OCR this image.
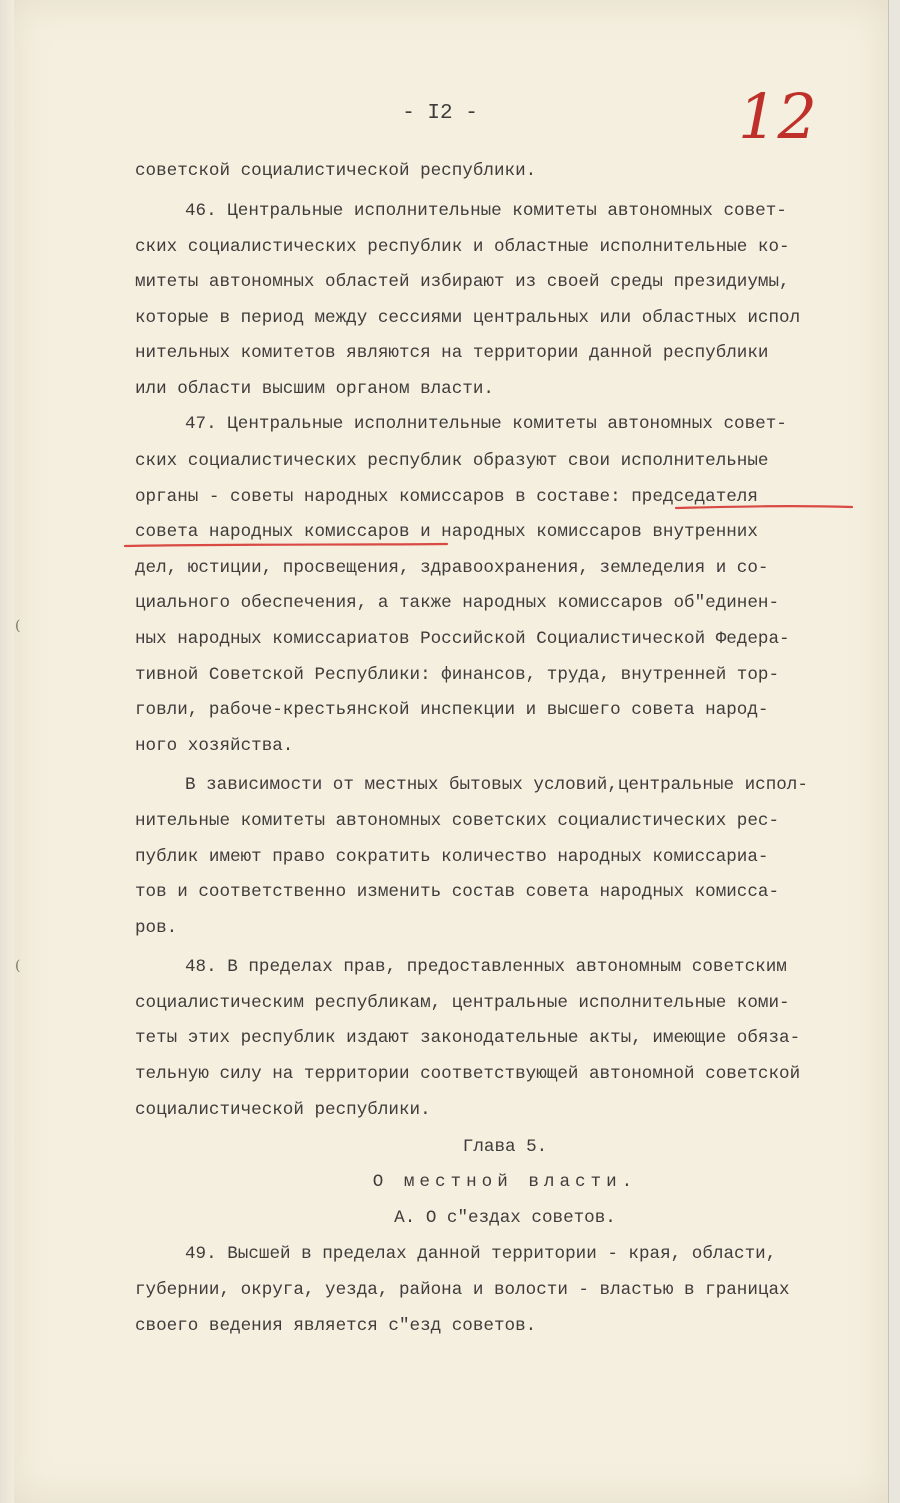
(
(
12
- I2 -
советской социалистической республики.
46. Центральные исполнительные комитеты автономных совет-
ских социалистических республик и областные исполнительные ко-
митеты автономных областей избирают из своей среды президиумы,
которые в период между сессиями центральных или областных испол
нительных комитетов являются на территории данной республики
или области высшим органом власти.
47. Центральные исполнительные комитеты автономных совет-
ских социалистических республик образуют свои исполнительные
органы - советы народных комиссаров в составе: председателя
совета народных комиссаров и народных комиссаров внутренних
дел, юстиции, просвещения, здравоохранения, земледелия и со-
циального обеспечения, а также народных комиссаров об"единен-
ных народных комиссариатов Российской Социалистической Федера-
тивной Советской Республики: финансов, труда, внутренней тор-
говли, рабоче-крестьянской инспекции и высшего совета народ-
ного хозяйства.
В зависимости от местных бытовых условий,центральные испол-
нительные комитеты автономных советских социалистических рес-
публик имеют право сократить количество народных комиссариа-
тов и соответственно изменить состав совета народных комисса-
ров.
48. В пределах прав, предоставленных автономным советским
социалистическим республикам, центральные исполнительные коми-
теты этих республик издают законодательные акты, имеющие обяза-
тельную силу на территории соответствующей автономной советской
социалистической республики.
Глава 5.
О местной власти.
А. О с"ездах советов.
49. Высшей в пределах данной территории - края, области,
губернии, округа, уезда, района и волости - властью в границах
своего ведения является с"езд советов.
